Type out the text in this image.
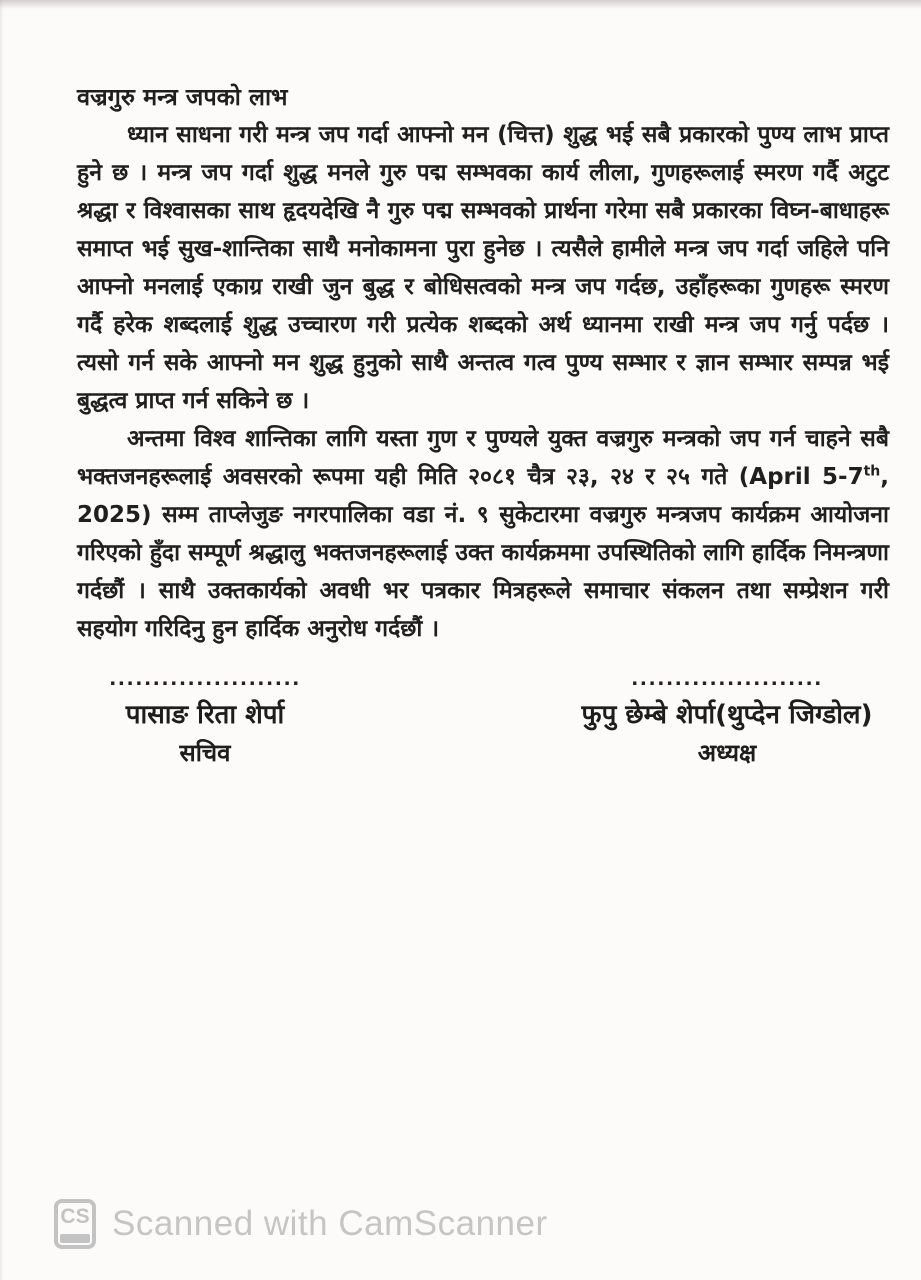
वज्रगुरु मन्त्र जपको लाभ

ध्यान साधना गरी मन्त्र जप गर्दा आफ्नो मन (चित्त) शुद्ध भई सबै प्रकारको पुण्य लाभ प्राप्त हुने छ । मन्त्र जप गर्दा शुद्ध मनले गुरु पद्म सम्भवका कार्य लीला, गुणहरूलाई स्मरण गर्दै अटुट श्रद्धा र विश्वासका साथ हृदयदेखि नै गुरु पद्म सम्भवको प्रार्थना गरेमा सबै प्रकारका विघ्न-बाधाहरू समाप्त भई सुख-शान्तिका साथै मनोकामना पुरा हुनेछ । त्यसैले हामीले मन्त्र जप गर्दा जहिले पनि आफ्नो मनलाई एकाग्र राखी जुन बुद्ध र बोधिसत्वको मन्त्र जप गर्दछ, उहाँहरूका गुणहरू स्मरण गर्दै हरेक शब्दलाई शुद्ध उच्चारण गरी प्रत्येक शब्दको अर्थ ध्यानमा राखी मन्त्र जप गर्नु पर्दछ । त्यसो गर्न सके आफ्नो मन शुद्ध हुनुको साथै अन्तत्व गत्व पुण्य सम्भार र ज्ञान सम्भार सम्पन्न भई बुद्धत्व प्राप्त गर्न सकिने छ ।

अन्तमा विश्व शान्तिका लागि यस्ता गुण र पुण्यले युक्त वज्रगुरु मन्त्रको जप गर्न चाहने सबै भक्तजनहरूलाई अवसरको रूपमा यही मिति २०८१ चैत्र २३, २४ र २५ गते (April 5-7th, 2025) सम्म ताप्लेजुङ नगरपालिका वडा नं. ९ सुकेटारमा वज्रगुरु मन्त्रजप कार्यक्रम आयोजना गरिएको हुँदा सम्पूर्ण श्रद्धालु भक्तजनहरूलाई उक्त कार्यक्रममा उपस्थितिको लागि हार्दिक निमन्त्रणा गर्दछौं । साथै उक्तकार्यको अवधी भर पत्रकार मित्रहरूले समाचार संकलन तथा सम्प्रेशन गरी सहयोग गरिदिनु हुन हार्दिक अनुरोध गर्दछौं ।

......................
पासाङ रिता शेर्पा
सचिव
......................
फुपु छेम्बे शेर्पा(थुप्देन जिग्डोल)
अध्यक्ष
CS Scanned with CamScanner
